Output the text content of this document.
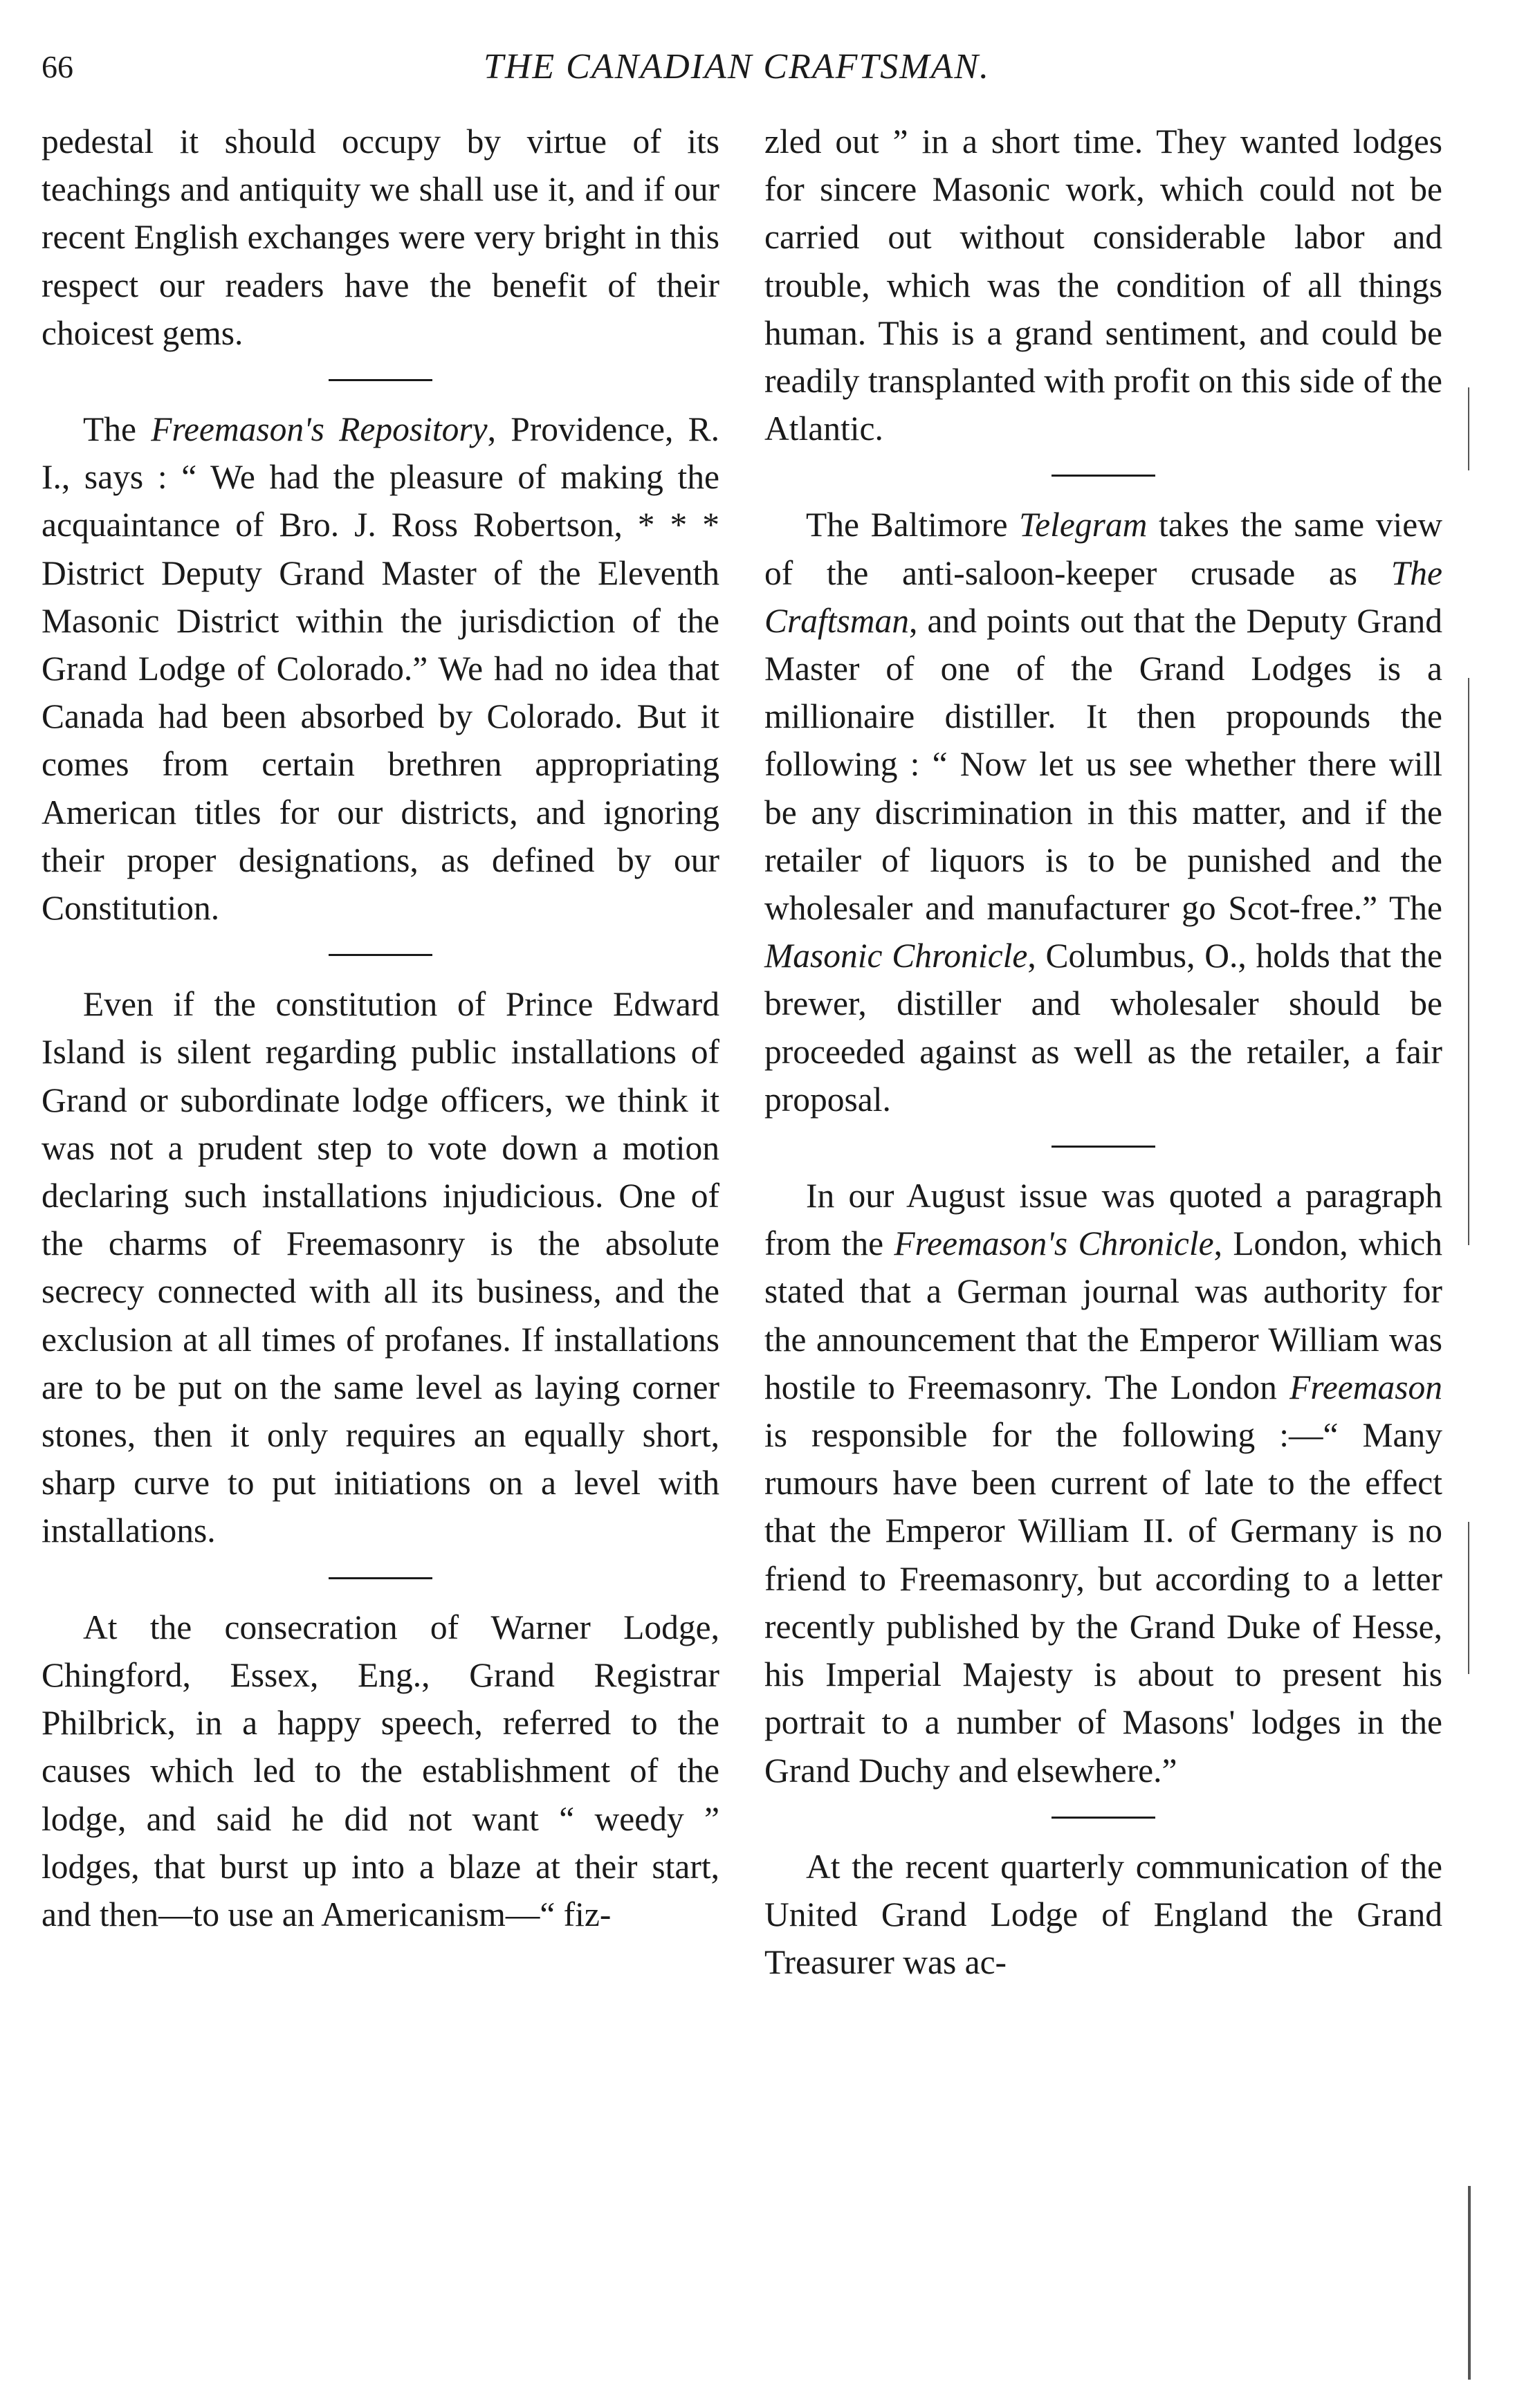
66	THE CANADIAN CRAFTSMAN.

pedestal it should occupy by virtue of its teachings and antiquity we shall use it, and if our recent English exchanges were very bright in this respect our readers have the benefit of their choicest gems.

The Freemason's Repository, Providence, R. I., says : “ We had the pleasure of making the acquaintance of Bro. J. Ross Robertson, * * * District Deputy Grand Master of the Eleventh Masonic District within the jurisdiction of the Grand Lodge of Colorado.” We had no idea that Canada had been absorbed by Colorado. But it comes from certain brethren appropriating American titles for our districts, and ignoring their proper designations, as defined by our Constitution.

Even if the constitution of Prince Edward Island is silent regarding public installations of Grand or subordinate lodge officers, we think it was not a prudent step to vote down a motion declaring such installations injudicious. One of the charms of Freemasonry is the absolute secrecy connected with all its business, and the exclusion at all times of profanes. If installations are to be put on the same level as laying corner stones, then it only requires an equally short, sharp curve to put initiations on a level with installations.

At the consecration of Warner Lodge, Chingford, Essex, Eng., Grand Registrar Philbrick, in a happy speech, referred to the causes which led to the establishment of the lodge, and said he did not want “ weedy ” lodges, that burst up into a blaze at their start, and then—to use an Americanism—“ fiz-

zled out ” in a short time. They wanted lodges for sincere Masonic work, which could not be carried out without considerable labor and trouble, which was the condition of all things human. This is a grand sentiment, and could be readily transplanted with profit on this side of the Atlantic.

The Baltimore Telegram takes the same view of the anti-saloon-keeper crusade as The Craftsman, and points out that the Deputy Grand Master of one of the Grand Lodges is a millionaire distiller. It then propounds the following : “ Now let us see whether there will be any discrimination in this matter, and if the retailer of liquors is to be punished and the wholesaler and manufacturer go Scot-free.” The Masonic Chronicle, Columbus, O., holds that the brewer, distiller and wholesaler should be proceeded against as well as the retailer, a fair proposal.

In our August issue was quoted a paragraph from the Freemason's Chronicle, London, which stated that a German journal was authority for the announcement that the Emperor William was hostile to Freemasonry. The London Freemason is responsible for the following :—“ Many rumours have been current of late to the effect that the Emperor William II. of Germany is no friend to Freemasonry, but according to a letter recently published by the Grand Duke of Hesse, his Imperial Majesty is about to present his portrait to a number of Masons' lodges in the Grand Duchy and elsewhere.”

At the recent quarterly communication of the United Grand Lodge of England the Grand Treasurer was ac-
